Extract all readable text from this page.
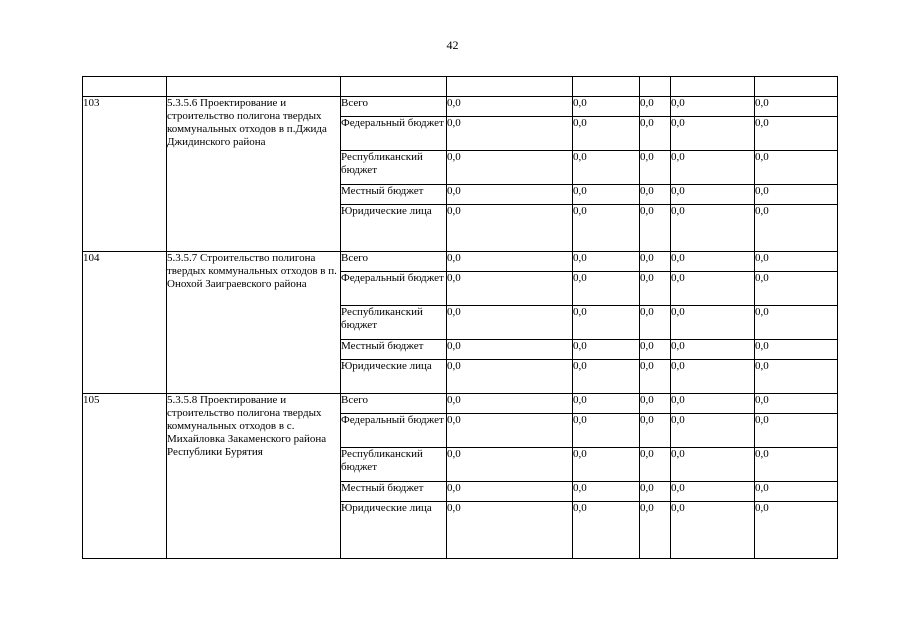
42

103	5.3.5.6 Проектирование и строительство полигона твердых коммунальных отходов в п.Джида Джидинского района	Всего	0,0	0,0	0,0	0,0	0,0
		Федеральный бюджет	0,0	0,0	0,0	0,0	0,0
		Республиканский бюджет	0,0	0,0	0,0	0,0	0,0
		Местный бюджет	0,0	0,0	0,0	0,0	0,0
		Юридические лица	0,0	0,0	0,0	0,0	0,0
104	5.3.5.7 Строительство полигона твердых коммунальных отходов в п. Онохой Заиграевского района	Всего	0,0	0,0	0,0	0,0	0,0
		Федеральный бюджет	0,0	0,0	0,0	0,0	0,0
		Республиканский бюджет	0,0	0,0	0,0	0,0	0,0
		Местный бюджет	0,0	0,0	0,0	0,0	0,0
		Юридические лица	0,0	0,0	0,0	0,0	0,0
105	5.3.5.8 Проектирование и строительство полигона твердых коммунальных отходов в с. Михайловка Закаменского района Республики Бурятия	Всего	0,0	0,0	0,0	0,0	0,0
		Федеральный бюджет	0,0	0,0	0,0	0,0	0,0
		Республиканский бюджет	0,0	0,0	0,0	0,0	0,0
		Местный бюджет	0,0	0,0	0,0	0,0	0,0
		Юридические лица	0,0	0,0	0,0	0,0	0,0
